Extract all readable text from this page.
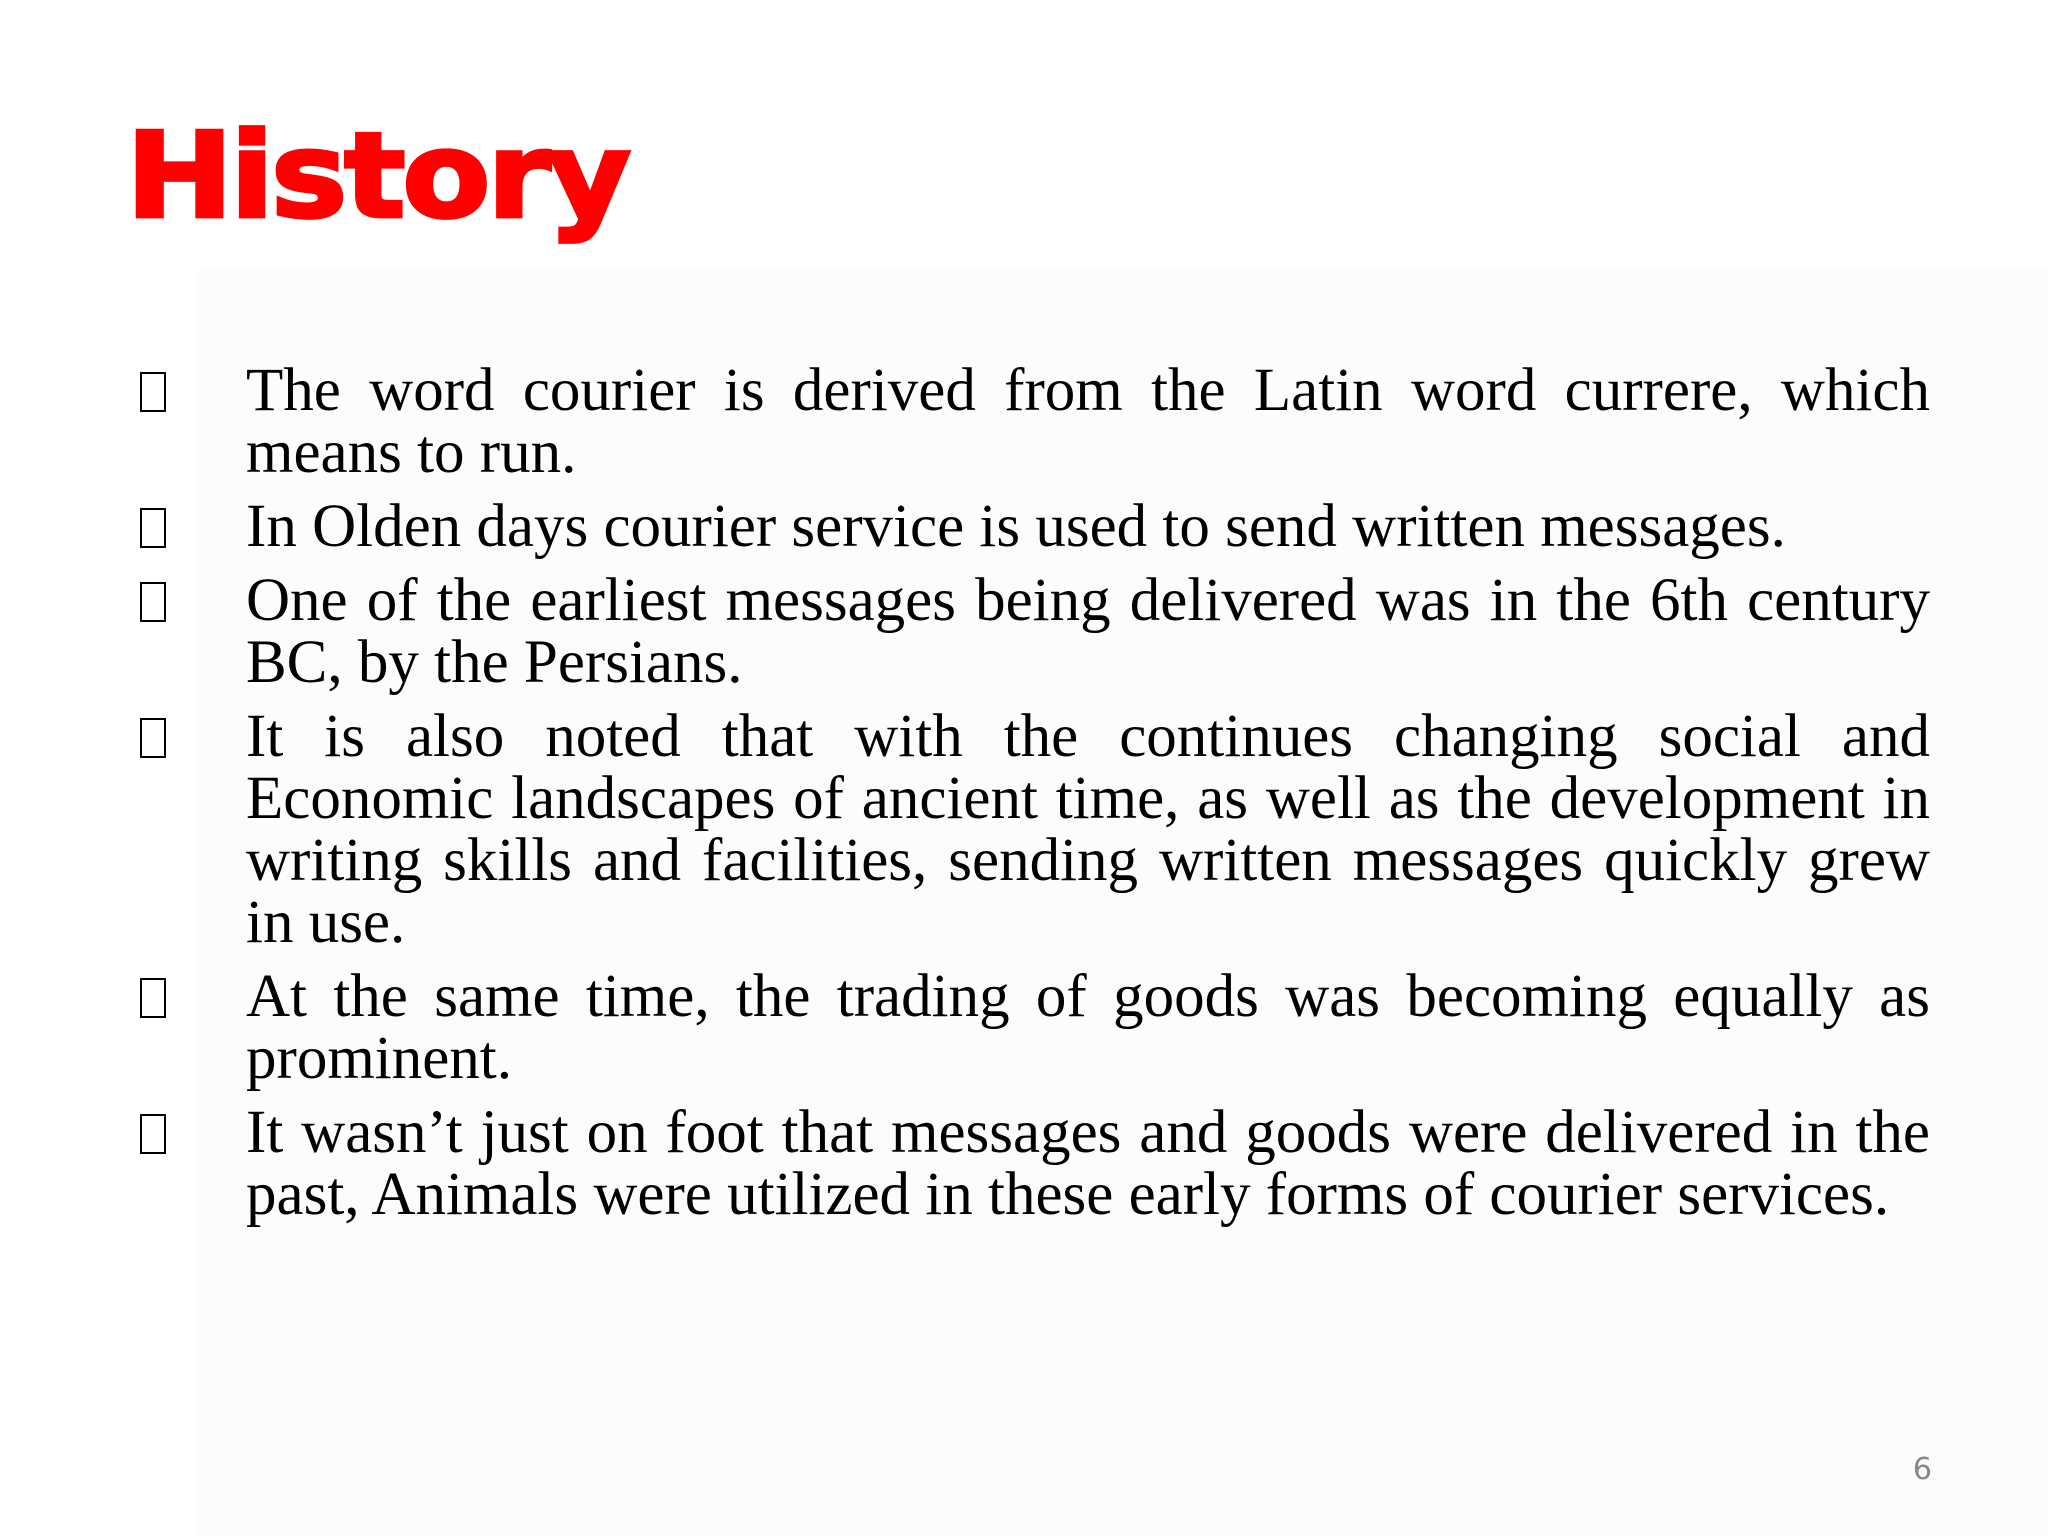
History
The word courier is derived from the Latin word currere, which means to run.
In Olden days courier service is used to send written messages.
One of the earliest messages being delivered was in the 6th century BC, by the Persians.
It is also noted that with the continues changing social and Economic landscapes of ancient time, as well as the development in writing skills and facilities, sending written messages quickly grew in use.
At the same time, the trading of goods was becoming equally as prominent.
It wasn’t just on foot that messages and goods were delivered in the past, Animals were utilized in these early forms of courier services.
6
